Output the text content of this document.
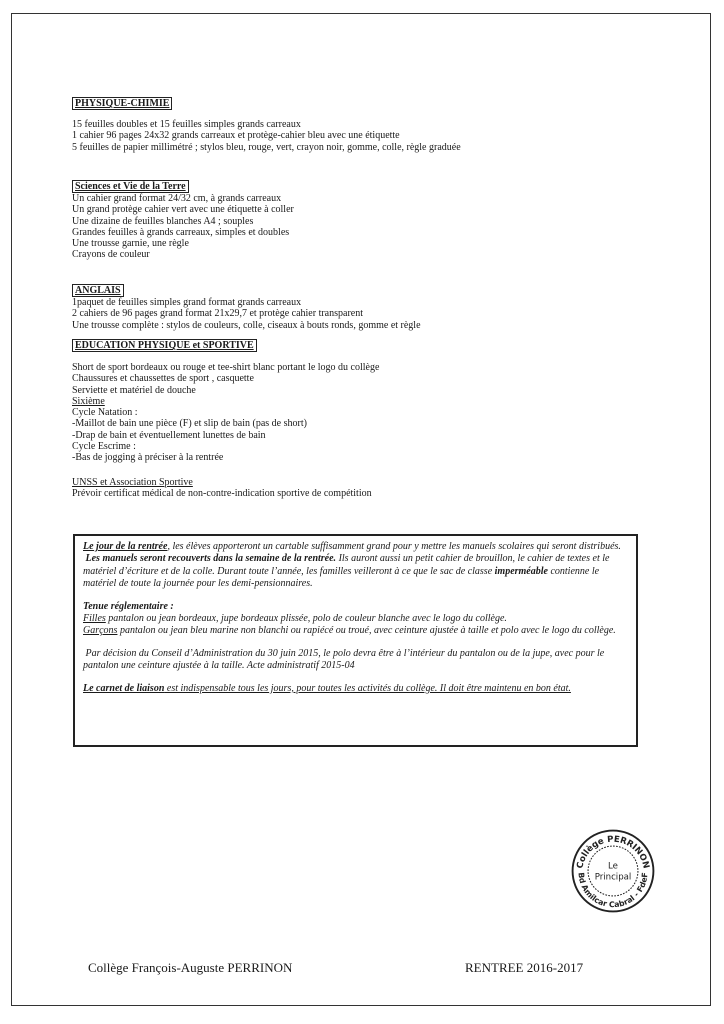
PHYSIQUE-CHIMIE
15 feuilles doubles et 15 feuilles simples grands carreaux
1 cahier 96 pages 24x32 grands carreaux et protège-cahier bleu avec une étiquette
5 feuilles de papier millimétré ; stylos bleu, rouge, vert, crayon noir, gomme, colle, règle graduée
Sciences et Vie de la Terre
Un cahier grand format 24/32 cm, à grands carreaux
Un grand protège cahier vert avec une étiquette à coller
Une dizaine de feuilles blanches A4 ; souples
Grandes feuilles à grands carreaux, simples et doubles
Une trousse garnie, une règle
Crayons de couleur
ANGLAIS
1paquet de feuilles simples grand format grands carreaux
2 cahiers de 96 pages grand format 21x29,7 et protège cahier transparent
Une trousse complète : stylos de couleurs, colle, ciseaux à bouts ronds, gomme et règle
EDUCATION PHYSIQUE et SPORTIVE
Short de sport bordeaux ou rouge et tee-shirt blanc portant le logo du collège
Chaussures et chaussettes de sport , casquette
Serviette et matériel de douche
Sixième
Cycle Natation :
-Maillot de bain une pièce (F) et slip de bain (pas de short)
-Drap de bain et éventuellement lunettes de bain
Cycle Escrime :
-Bas de jogging à préciser à la rentrée
UNSS et Association Sportive
Prévoir certificat médical de non-contre-indication sportive de compétition

Le jour de la rentrée, les élèves apporteront un cartable suffisamment grand pour y mettre les manuels scolaires qui seront distribués.

Les manuels seront recouverts dans la semaine de la rentrée. Ils auront aussi un petit cahier de brouillon, le cahier de textes et le matériel d’écriture et de la colle. Durant toute l’année, les familles veilleront à ce que le sac de classe imperméable contienne le matériel de toute la journée pour les demi-pensionnaires.

Tenue réglementaire :

Filles pantalon ou jean bordeaux, jupe bordeaux plissée, polo de couleur blanche avec le logo du collège.

Garçons pantalon ou jean bleu marine non blanchi ou rapiécé ou troué, avec ceinture ajustée à taille et polo avec le logo du collège.

Par décision du Conseil d’Administration du 30 juin 2015, le polo devra être à l’intérieur du pantalon ou de la jupe, avec pour le pantalon une ceinture ajustée à la taille. Acte administratif 2015-04

Le carnet de liaison est indispensable tous les jours, pour toutes les activités du collège. Il doit être maintenu en bon état.

Collège PERRINON
Bd Amilcar Cabral - FdeF
Le
Principal
Collège François-Auguste PERRINON	RENTREE 2016-2017
